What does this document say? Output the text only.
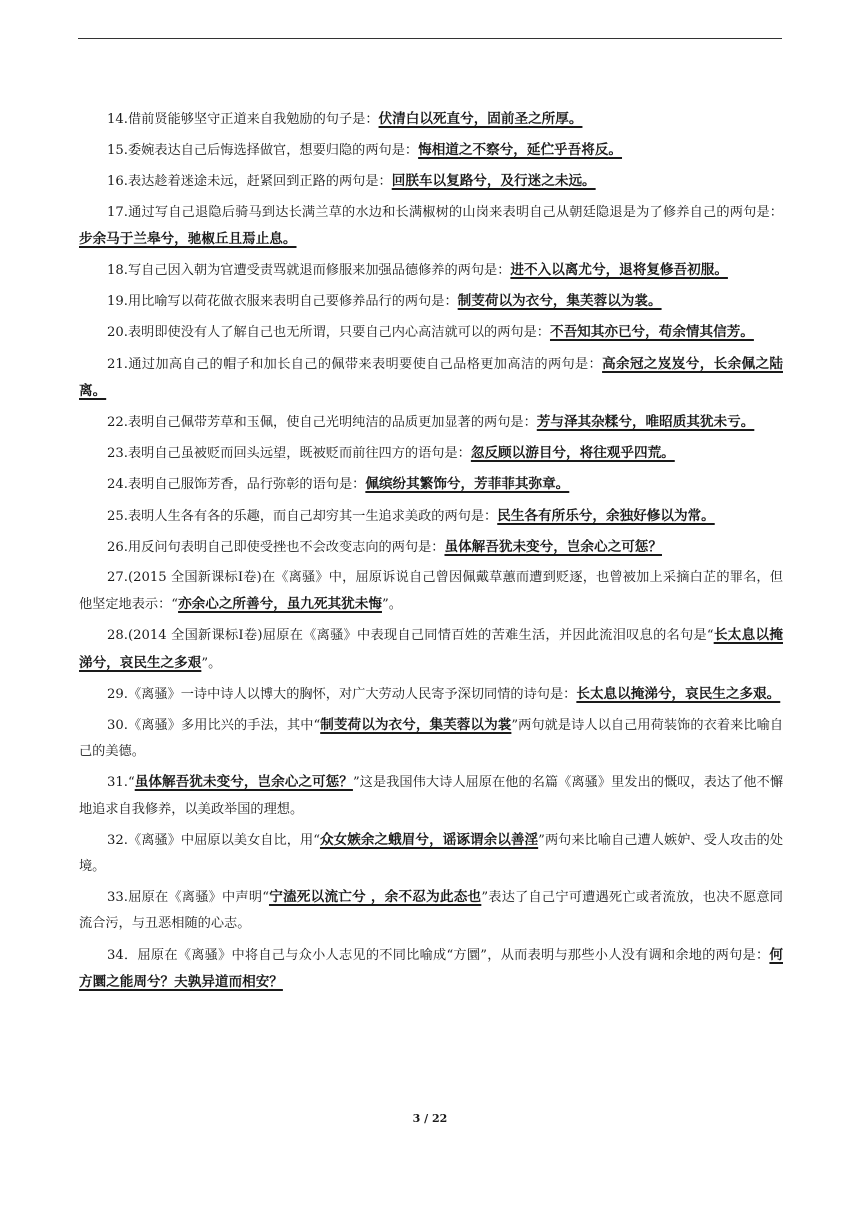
14.借前贤能够坚守正道来自我勉励的句子是：伏清白以死直兮，固前圣之所厚。

15.委婉表达自己后悔选择做官，想要归隐的两句是：悔相道之不察兮，延伫乎吾将反。

16.表达趁着迷途未远，赶紧回到正路的两句是：回朕车以复路兮，及行迷之未远。

17.通过写自己退隐后骑马到达长满兰草的水边和长满椒树的山岗来表明自己从朝廷隐退是为了修养自己的两句是：步余马于兰皋兮，驰椒丘且焉止息。

18.写自己因入朝为官遭受责骂就退而修服来加强品德修养的两句是：进不入以离尤兮，退将复修吾初服。

19.用比喻写以荷花做衣服来表明自己要修养品行的两句是：制芰荷以为衣兮，集芙蓉以为裳。

20.表明即使没有人了解自己也无所谓，只要自己内心高洁就可以的两句是：不吾知其亦已兮，苟余情其信芳。

21.通过加高自己的帽子和加长自己的佩带来表明要使自己品格更加高洁的两句是：高余冠之岌岌兮，长余佩之陆离。

22.表明自己佩带芳草和玉佩，使自己光明纯洁的品质更加显著的两句是：芳与泽其杂糅兮，唯昭质其犹未亏。

23.表明自己虽被贬而回头远望，既被贬而前往四方的语句是：忽反顾以游目兮，将往观乎四荒。

24.表明自己服饰芳香，品行弥彰的语句是：佩缤纷其繁饰兮，芳菲菲其弥章。

25.表明人生各有各的乐趣，而自己却穷其一生追求美政的两句是：民生各有所乐兮，余独好修以为常。

26.用反问句表明自己即使受挫也不会改变志向的两句是：虽体解吾犹未变兮，岂余心之可惩？

27.(2015 全国新课标Ⅰ卷)在《离骚》中，屈原诉说自己曾因佩戴草蕙而遭到贬逐，也曾被加上采摘白芷的罪名，但他坚定地表示：“亦余心之所善兮，虽九死其犹未悔”。

28.(2014 全国新课标Ⅰ卷)屈原在《离骚》中表现自己同情百姓的苦难生活，并因此流泪叹息的名句是“长太息以掩涕兮，哀民生之多艰”。

29.《离骚》一诗中诗人以博大的胸怀，对广大劳动人民寄予深切同情的诗句是：长太息以掩涕兮，哀民生之多艰。

30.《离骚》多用比兴的手法，其中“制芰荷以为衣兮，集芙蓉以为裳”两句就是诗人以自己用荷装饰的衣着来比喻自己的美德。

31.“虽体解吾犹未变兮，岂余心之可惩？”这是我国伟大诗人屈原在他的名篇《离骚》里发出的慨叹，表达了他不懈地追求自我修养，以美政举国的理想。

32.《离骚》中屈原以美女自比，用“众女嫉余之蛾眉兮，谣诼谓余以善淫”两句来比喻自己遭人嫉妒、受人攻击的处境。

33.屈原在《离骚》中声明“宁溘死以流亡兮 ，余不忍为此态也”表达了自己宁可遭遇死亡或者流放，也决不愿意同流合污，与丑恶相随的心志。

34．屈原在《离骚》中将自己与众小人志见的不同比喻成“方圜”，从而表明与那些小人没有调和余地的两句是：何方圜之能周兮？夫孰异道而相安？

3 / 22
